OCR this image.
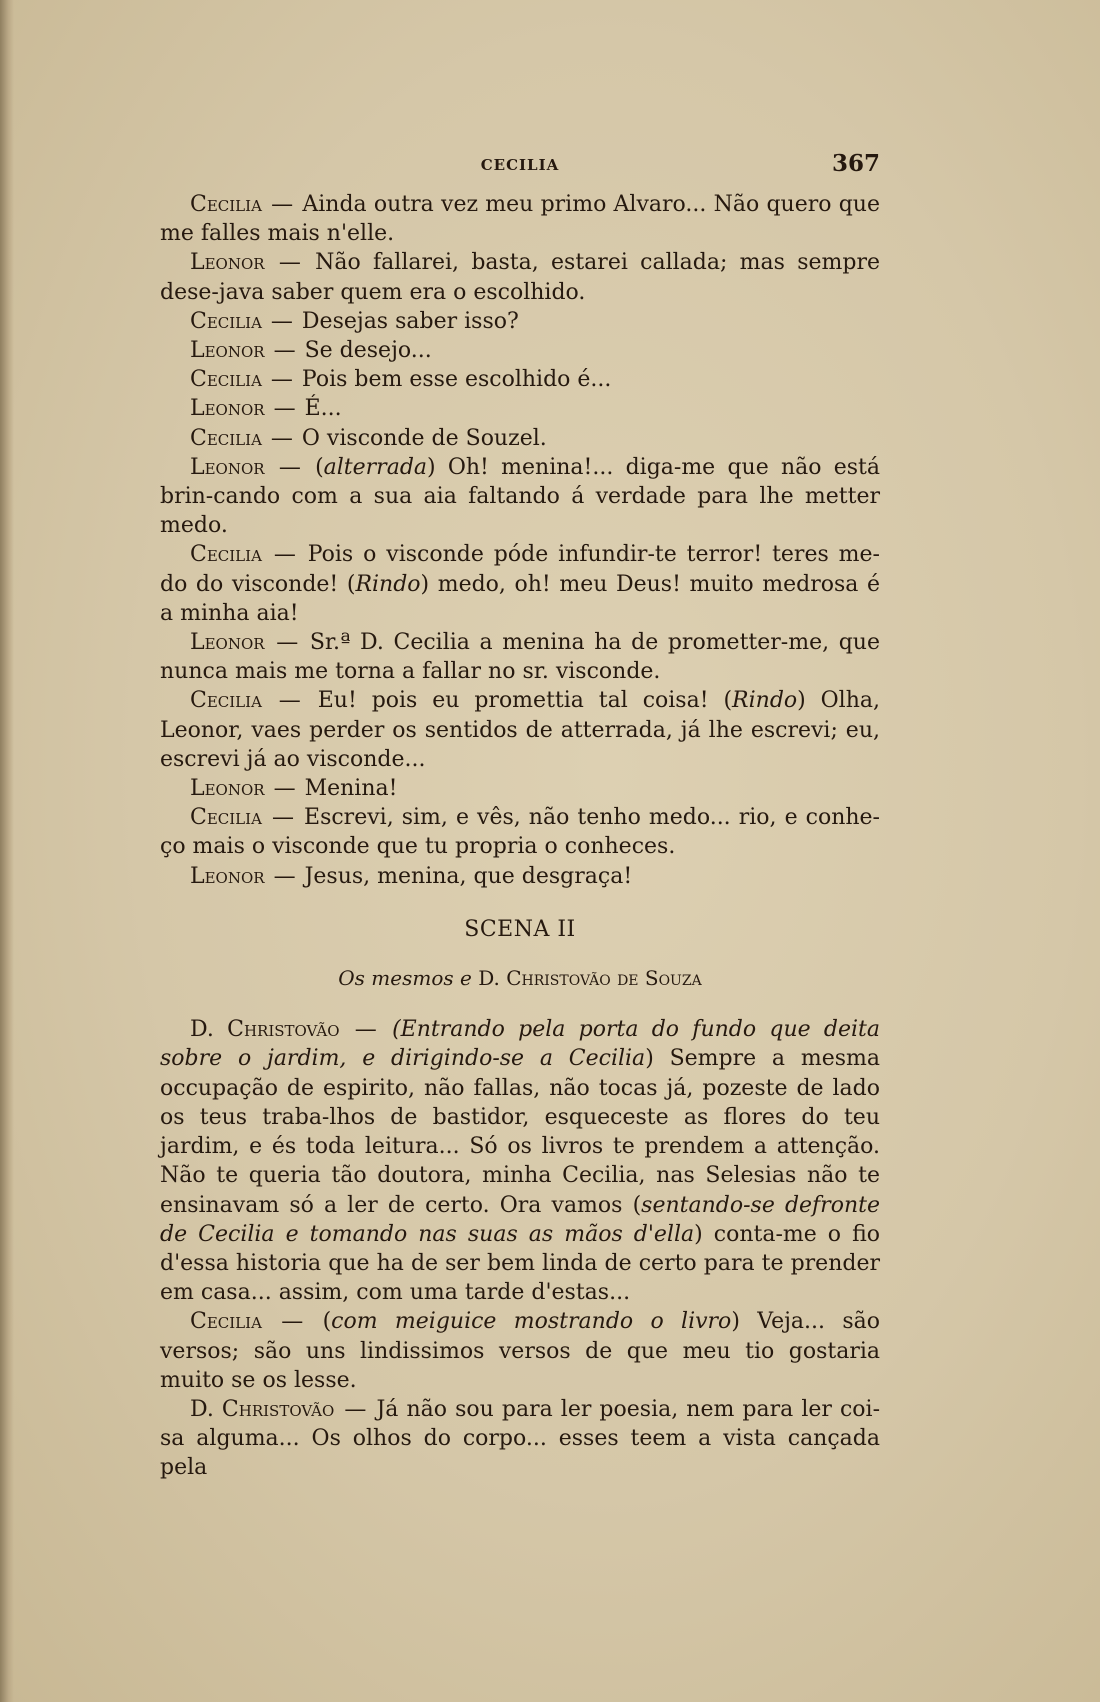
CECILIA	367

Cecilia — Ainda outra vez meu primo Alvaro... Não quero que me falles mais n'elle.

Leonor — Não fallarei, basta, estarei callada; mas sempre dese-java saber quem era o escolhido.

Cecilia — Desejas saber isso?

Leonor — Se desejo...

Cecilia — Pois bem esse escolhido é...

Leonor — É...

Cecilia — O visconde de Souzel.

Leonor — (alterrada) Oh! menina!... diga-me que não está brin-cando com a sua aia faltando á verdade para lhe metter medo.

Cecilia — Pois o visconde póde infundir-te terror! teres me-do do visconde! (Rindo) medo, oh! meu Deus! muito medrosa é a minha aia!

Leonor — Sr.ª D. Cecilia a menina ha de prometter-me, que nunca mais me torna a fallar no sr. visconde.

Cecilia — Eu! pois eu promettia tal coisa! (Rindo) Olha, Leonor, vaes perder os sentidos de atterrada, já lhe escrevi; eu, escrevi já ao visconde...

Leonor — Menina!

Cecilia — Escrevi, sim, e vês, não tenho medo... rio, e conhe-ço mais o visconde que tu propria o conheces.

Leonor — Jesus, menina, que desgraça!

SCENA II
Os mesmos e D. Christovão de Souza

D. Christovão — (Entrando pela porta do fundo que deita sobre o jardim, e dirigindo-se a Cecilia) Sempre a mesma occupação de espirito, não fallas, não tocas já, pozeste de lado os teus traba-lhos de bastidor, esqueceste as flores do teu jardim, e és toda leitura... Só os livros te prendem a attenção. Não te queria tão doutora, minha Cecilia, nas Selesias não te ensinavam só a ler de certo. Ora vamos (sentando-se defronte de Cecilia e tomando nas suas as mãos d'ella) conta-me o fio d'essa historia que ha de ser bem linda de certo para te prender em casa... assim, com uma tarde d'estas...

Cecilia — (com meiguice mostrando o livro) Veja... são versos; são uns lindissimos versos de que meu tio gostaria muito se os lesse.

D. Christovão — Já não sou para ler poesia, nem para ler coi-sa alguma... Os olhos do corpo... esses teem a vista cançada pela
